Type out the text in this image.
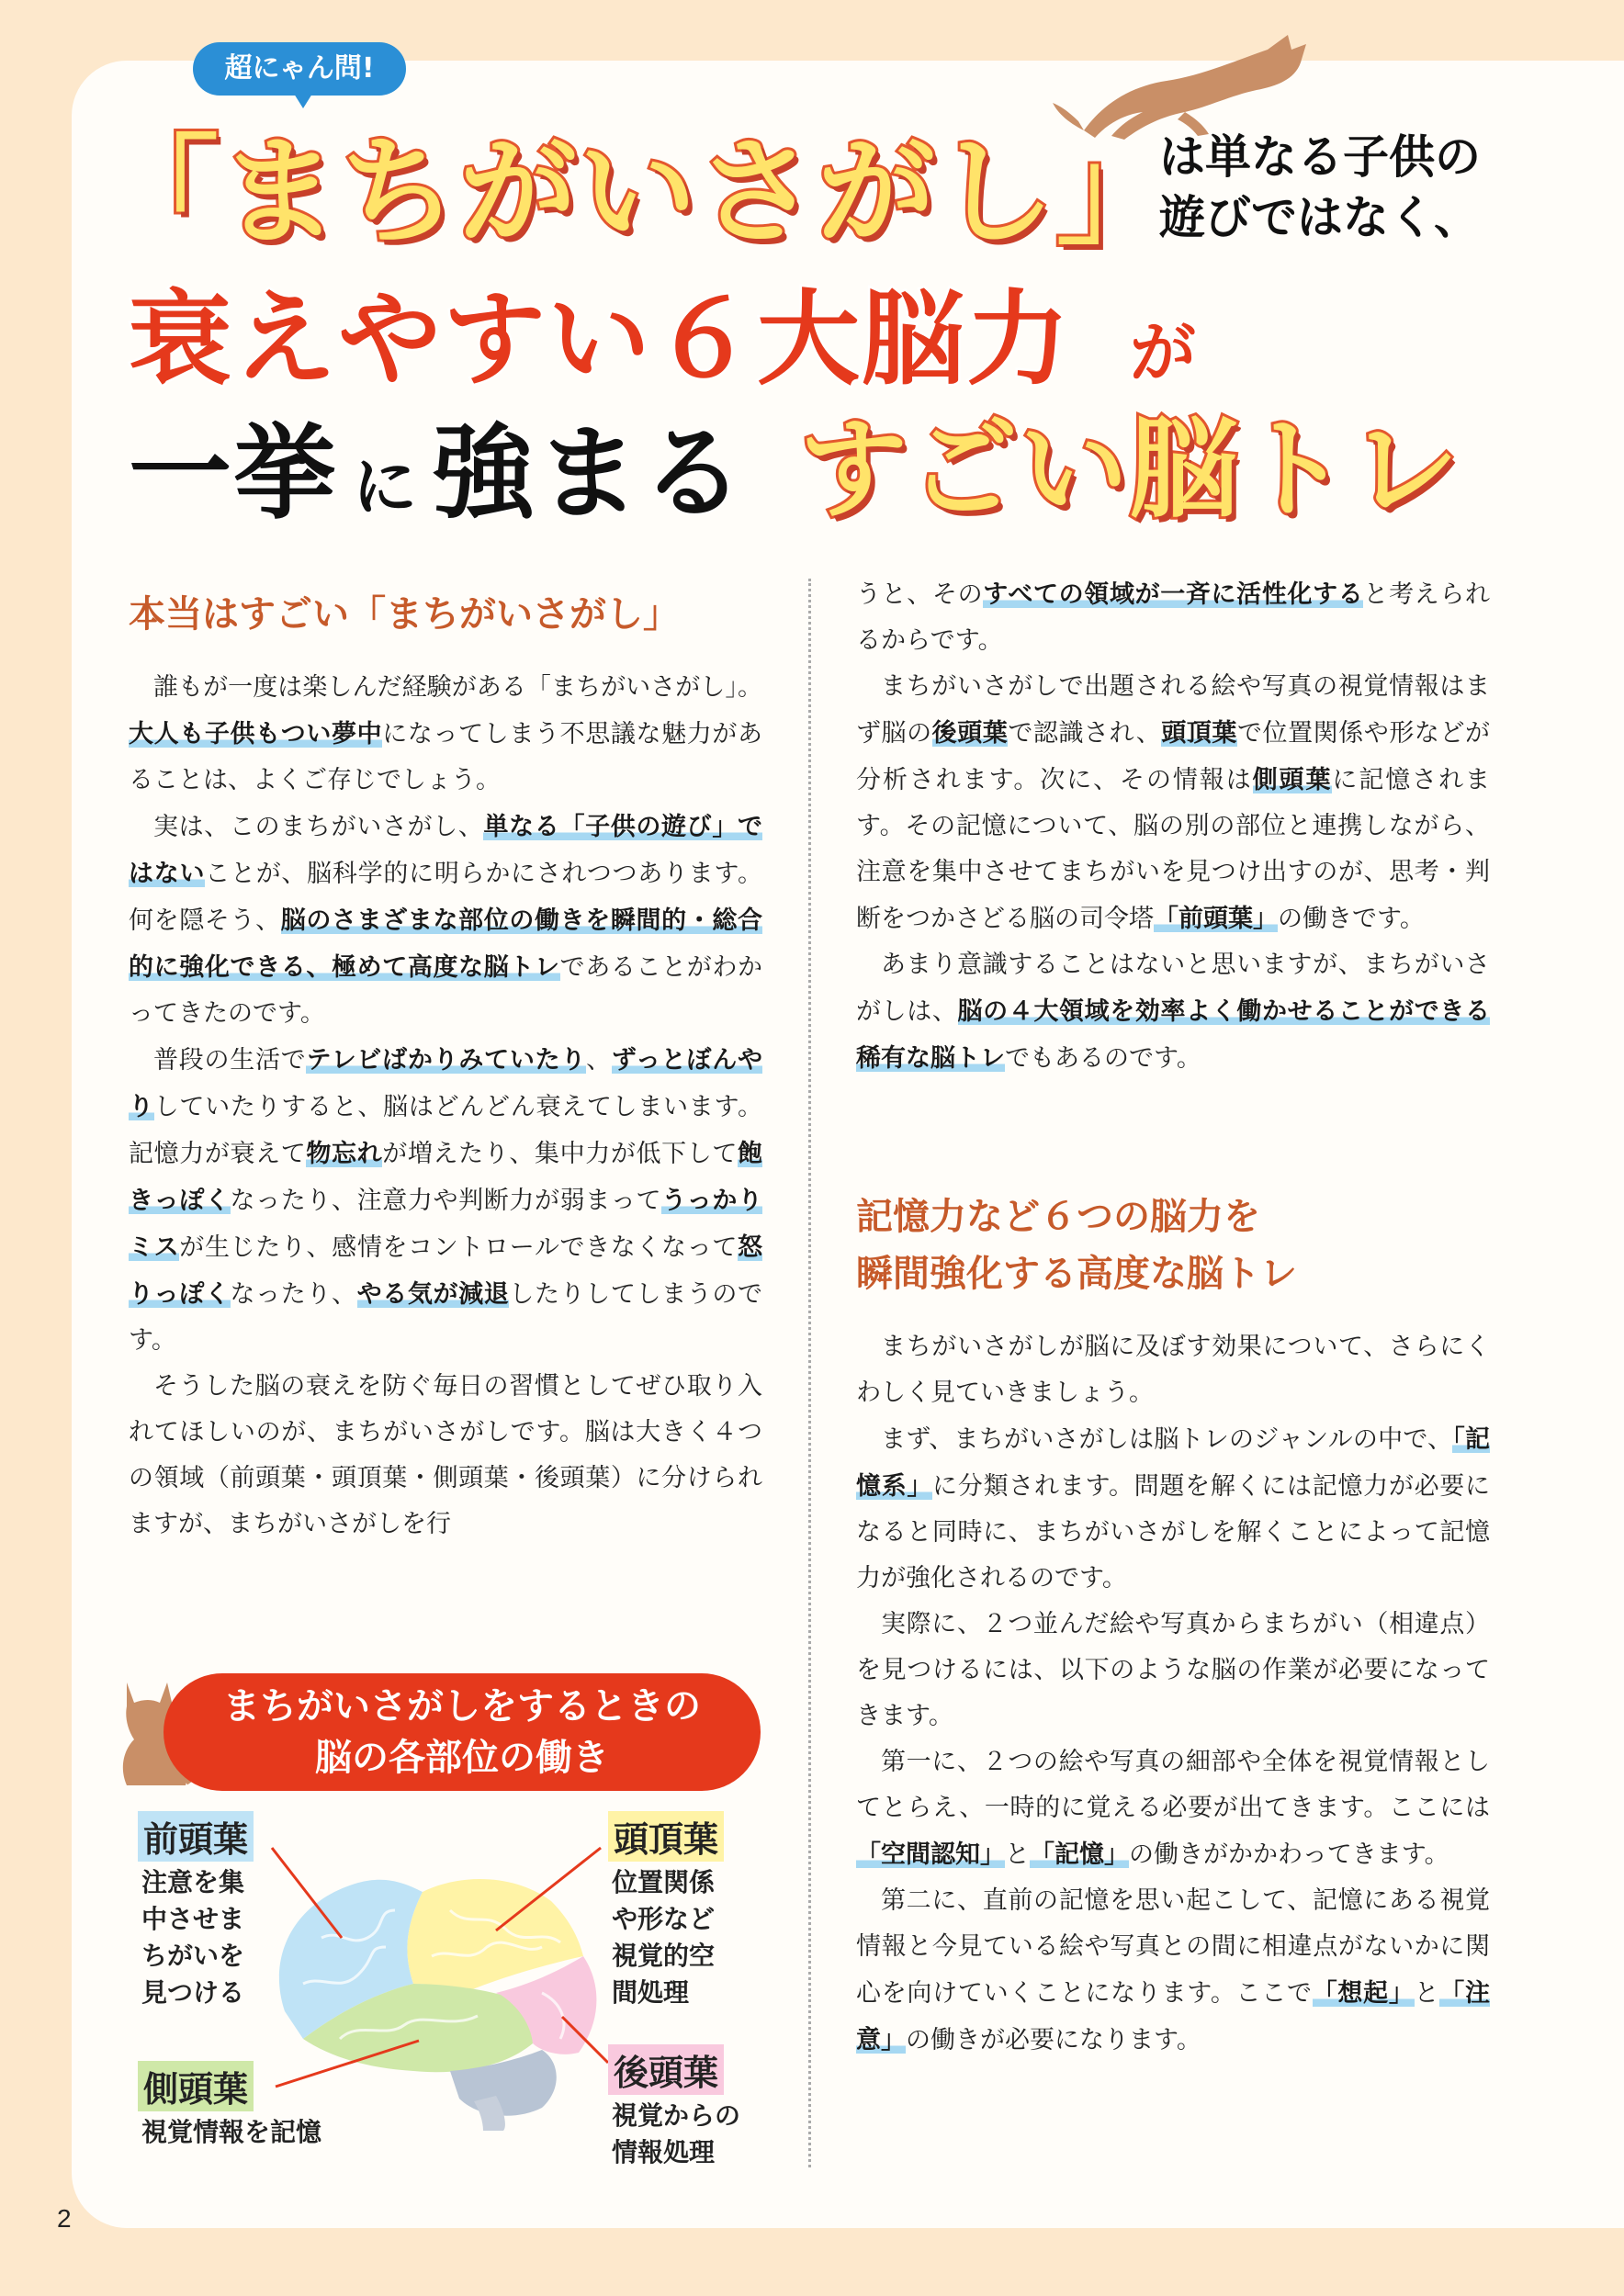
超にゃん問!
「まちがいさがし」
は単なる子供の
遊びではなく、
衰えやすい６大脳力 が
一挙 に 強まる すごい脳トレ
本当はすごい「まちがいさがし」

誰もが一度は楽しんだ経験がある「まちがいさがし」。大人も子供もつい夢中になってしまう不思議な魅力があることは、よくご存じでしょう。

実は、このまちがいさがし、単なる「子供の遊び」ではないことが、脳科学的に明らかにされつつあります。何を隠そう、脳のさまざまな部位の働きを瞬間的・総合的に強化できる、極めて高度な脳トレであることがわかってきたのです。

普段の生活でテレビばかりみていたり、ずっとぼんやりしていたりすると、脳はどんどん衰えてしまいます。記憶力が衰えて物忘れが増えたり、集中力が低下して飽きっぽくなったり、注意力や判断力が弱まってうっかりミスが生じたり、感情をコントロールできなくなって怒りっぽくなったり、やる気が減退したりしてしまうのです。

そうした脳の衰えを防ぐ毎日の習慣としてぜひ取り入れてほしいのが、まちがいさがしです。脳は大きく４つの領域（前頭葉・頭頂葉・側頭葉・後頭葉）に分けられますが、まちがいさがしを行

うと、そのすべての領域が一斉に活性化すると考えられるからです。

まちがいさがしで出題される絵や写真の視覚情報はまず脳の後頭葉で認識され、頭頂葉で位置関係や形などが分析されます。次に、その情報は側頭葉に記憶されます。その記憶について、脳の別の部位と連携しながら、注意を集中させてまちがいを見つけ出すのが、思考・判断をつかさどる脳の司令塔「前頭葉」の働きです。

あまり意識することはないと思いますが、まちがいさがしは、脳の４大領域を効率よく働かせることができる稀有な脳トレでもあるのです。

記憶力など６つの脳力を
瞬間強化する高度な脳トレ

まちがいさがしが脳に及ぼす効果について、さらにくわしく見ていきましょう。

まず、まちがいさがしは脳トレのジャンルの中で、「記憶系」に分類されます。問題を解くには記憶力が必要になると同時に、まちがいさがしを解くことによって記憶力が強化されるのです。

実際に、２つ並んだ絵や写真からまちがい（相違点）を見つけるには、以下のような脳の作業が必要になってきます。

第一に、２つの絵や写真の細部や全体を視覚情報としてとらえ、一時的に覚える必要が出てきます。ここには「空間認知」と「記憶」の働きがかかわってきます。

第二に、直前の記憶を思い起こして、記憶にある視覚情報と今見ている絵や写真との間に相違点がないかに関心を向けていくことになります。ここで「想起」と「注意」の働きが必要になります。

まちがいさがしをするときの
脳の各部位の働き
前頭葉
注意を集
中させま
ちがいを
見つける
頭頂葉
位置関係
や形など
視覚的空
間処理
側頭葉
視覚情報を記憶
後頭葉
視覚からの
情報処理
2
